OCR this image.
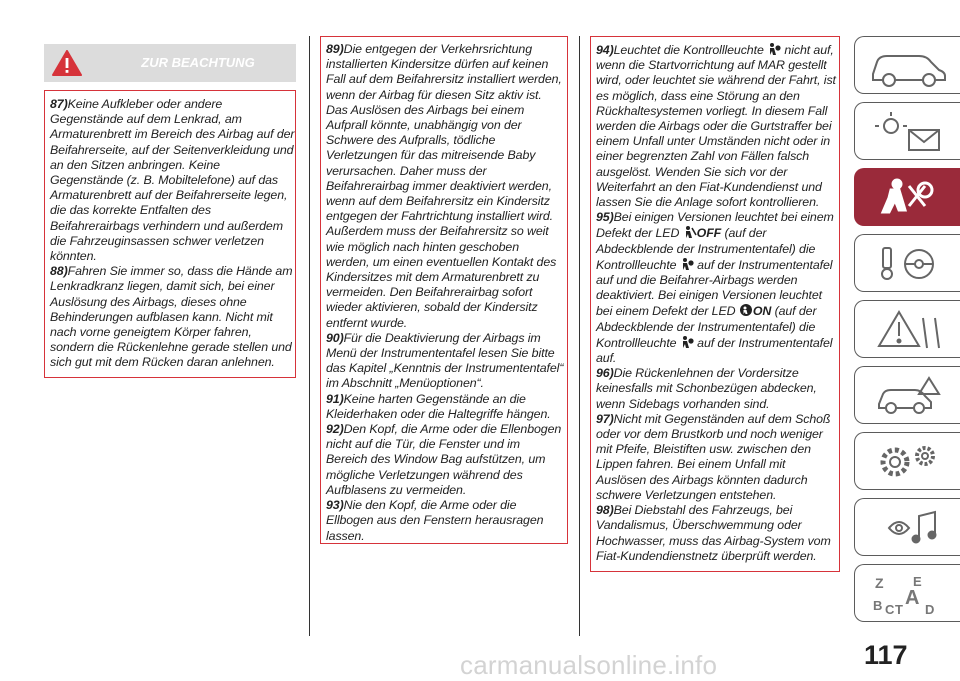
ZUR BEACHTUNG
87)Keine Aufkleber oder andere Gegenstände auf dem Lenkrad, am Armaturenbrett im Bereich des Airbag auf der Beifahrerseite, auf der Seitenverkleidung und an den Sitzen anbringen. Keine Gegenstände (z. B. Mobiltelefone) auf das Armaturenbrett auf der Beifahrerseite legen, die das korrekte Entfalten des Beifahrerairbags verhindern und außerdem die Fahrzeuginsassen schwer verletzen könnten.
88)Fahren Sie immer so, dass die Hände am Lenkradkranz liegen, damit sich, bei einer Auslösung des Airbags, dieses ohne Behinderungen aufblasen kann. Nicht mit nach vorne geneigtem Körper fahren, sondern die Rückenlehne gerade stellen und sich gut mit dem Rücken daran anlehnen.
89)Die entgegen der Verkehrsrichtung installierten Kindersitze dürfen auf keinen Fall auf dem Beifahrersitz installiert werden, wenn der Airbag für diesen Sitz aktiv ist. Das Auslösen des Airbags bei einem Aufprall könnte, unabhängig von der Schwere des Aufpralls, tödliche Verletzungen für das mitreisende Baby verursachen. Daher muss der Beifahrerairbag immer deaktiviert werden, wenn auf dem Beifahrersitz ein Kindersitz entgegen der Fahrtrichtung installiert wird. Außerdem muss der Beifahrersitz so weit wie möglich nach hinten geschoben werden, um einen eventuellen Kontakt des Kindersitzes mit dem Armaturenbrett zu vermeiden. Den Beifahrerairbag sofort wieder aktivieren, sobald der Kindersitz entfernt wurde.
90)Für die Deaktivierung der Airbags im Menü der Instrumententafel lesen Sie bitte das Kapitel „Kenntnis der Instrumententafel“ im Abschnitt „Menüoptionen“.
91)Keine harten Gegenstände an die Kleiderhaken oder die Haltegriffe hängen.
92)Den Kopf, die Arme oder die Ellenbogen nicht auf die Tür, die Fenster und im Bereich des Window Bag aufstützen, um mögliche Verletzungen während des Aufblasens zu vermeiden.
93)Nie den Kopf, die Arme oder die Ellbogen aus den Fenstern herausragen lassen.
94)Leuchtet die Kontrollleuchte nicht auf, wenn die Startvorrichtung auf MAR gestellt wird, oder leuchtet sie während der Fahrt, ist es möglich, dass eine Störung an den Rückhaltesystemen vorliegt. In diesem Fall werden die Airbags oder die Gurtstraffer bei einem Unfall unter Umständen nicht oder in einer begrenzten Zahl von Fällen falsch ausgelöst. Wenden Sie sich vor der Weiterfahrt an den Fiat-Kundendienst und lassen Sie die Anlage sofort kontrollieren.
95)Bei einigen Versionen leuchtet bei einem Defekt der LED OFF (auf der Abdeckblende der Instrumententafel) die Kontrollleuchte auf der Instrumententafel auf und die Beifahrer-Airbags werden deaktiviert. Bei einigen Versionen leuchtet bei einem Defekt der LED ON (auf der Abdeckblende der Instrumententafel) die Kontrollleuchte auf der Instrumententafel auf.
96)Die Rückenlehnen der Vordersitze keinesfalls mit Schonbezügen abdecken, wenn Sidebags vorhanden sind.
97)Nicht mit Gegenständen auf dem Schoß oder vor dem Brustkorb und noch weniger mit Pfeife, Bleistiften usw. zwischen den Lippen fahren. Bei einem Unfall mit Auslösen des Airbags könnten dadurch schwere Verletzungen entstehen.
98)Bei Diebstahl des Fahrzeugs, bei Vandalismus, Überschwemmung oder Hochwasser, muss das Airbag-System vom Fiat-Kundendienstnetz überprüft werden.
Z E
B A
C T D
117
carmanualsonline.info
